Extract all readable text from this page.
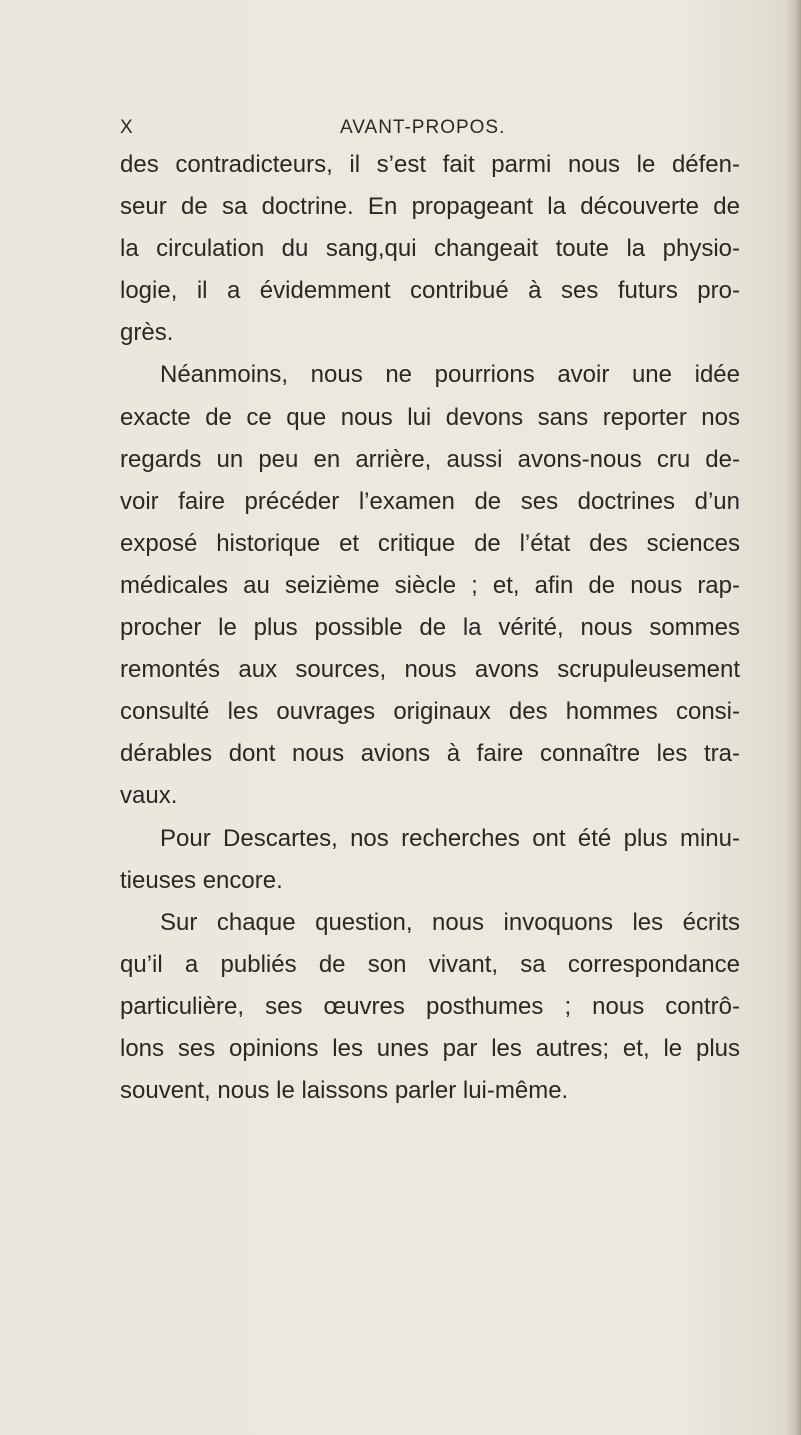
X	AVANT-PROPOS.
des contradicteurs, il s’est fait parmi nous le défen-
seur de sa doctrine. En propageant la découverte de
la circulation du sang,qui changeait toute la physio-
logie, il a évidemment contribué à ses futurs pro-
grès.
Néanmoins, nous ne pourrions avoir une idée
exacte de ce que nous lui devons sans reporter nos
regards un peu en arrière, aussi avons-nous cru de-
voir faire précéder l’examen de ses doctrines d’un
exposé historique et critique de l’état des sciences
médicales au seizième siècle ; et, afin de nous rap-
procher le plus possible de la vérité, nous sommes
remontés aux sources, nous avons scrupuleusement
consulté les ouvrages originaux des hommes consi-
dérables dont nous avions à faire connaître les tra-
vaux.
Pour Descartes, nos recherches ont été plus minu-
tieuses encore.
Sur chaque question, nous invoquons les écrits
qu’il a publiés de son vivant, sa correspondance
particulière, ses œuvres posthumes ; nous contrô-
lons ses opinions les unes par les autres; et, le plus
souvent, nous le laissons parler lui-même.
